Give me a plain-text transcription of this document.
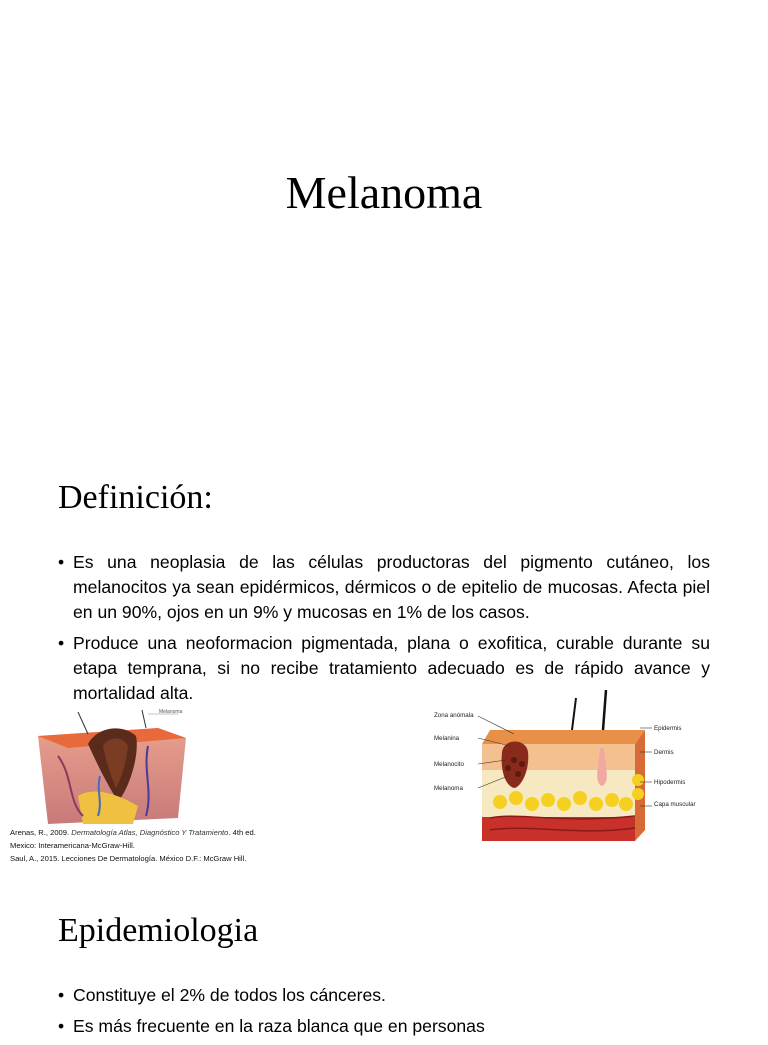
Melanoma
Definición:
• Es una neoplasia de las células productoras del pigmento cutáneo, los melanocitos ya sean epidérmicos, dérmicos o de epitelio de mucosas. Afecta piel en un 90%, ojos en un 9% y mucosas en 1% de los casos.
• Produce una neoformacion pigmentada, plana o exofitica, curable durante su etapa temprana, si no recibe tratamiento adecuado es de rápido avance y mortalidad alta.
Melanoma	Zona anómala
Melanina
Melanocito
Melanoma
Epidermis
Dermis
Hipodermis
Capa muscular
Arenas, R., 2009. Dermatología Atlas, Diagnóstico Y Tratamiento. 4th ed.
Mexico: Interamericana-McGraw-Hill.
Saul, A., 2015. Lecciones De Dermatología. México D.F.: McGraw Hill.
Epidemiologia
• Constituye el 2% de todos los cánceres.
• Es más frecuente en la raza blanca que en personas
